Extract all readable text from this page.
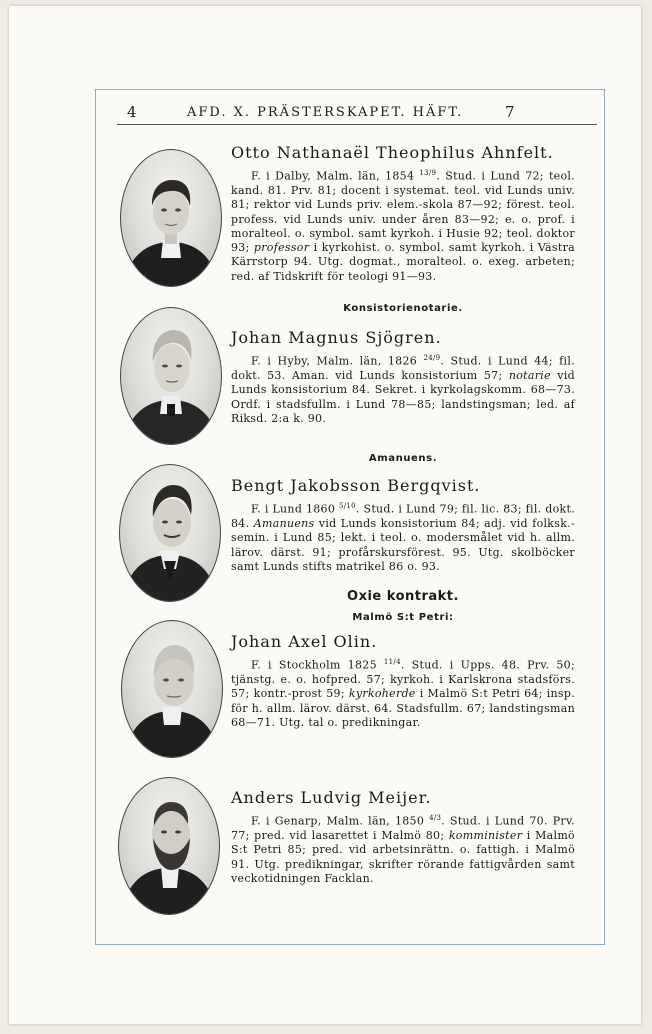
4	AFD. X. PRÄSTERSKAPET. HÄFT.	7
Otto Nathanaël Theophilus Ahnfelt.
F. i Dalby, Malm. län, 1854 $^{13/9}$. Stud. i Lund 72; teol. kand. 81. Prv. 81; docent i systemat. teol. vid Lunds univ. 81; rektor vid Lunds priv. elem.-skola 87—92; förest. teol. profess. vid Lunds univ. under åren 83—92; e. o. prof. i moralteol. o. symbol. samt kyrkoh. i Husie 92; teol. doktor 93; professor i kyrkohist. o. symbol. samt kyrkoh. i Västra Kärrstorp 94. Utg. dogmat., moralteol. o. exeg. arbeten; red. af Tidskrift för teologi 91—93.
Konsistorienotarie.
Johan Magnus Sjögren.
F. i Hyby, Malm. län, 1826 $^{24/9}$. Stud. i Lund 44; fil. dokt. 53. Aman. vid Lunds konsistorium 57; notarie vid Lunds konsistorium 84. Sekret. i kyrkolagskomm. 68—73. Ordf. i stadsfullm. i Lund 78—85; landstingsman; led. af Riksd. 2:a k. 90.
Amanuens.
Bengt Jakobsson Bergqvist.
F. i Lund 1860 $^{5/10}$. Stud. i Lund 79; fil. lic. 83; fil. dokt. 84. Amanuens vid Lunds konsistorium 84; adj. vid folksk.-semin. i Lund 85; lekt. i teol. o. modersmålet vid h. allm. lärov. därst. 91; profårskursförest. 95. Utg. skolböcker samt Lunds stifts matrikel 86 o. 93.
Oxie kontrakt.
Malmö S:t Petri:
Johan Axel Olin.
F. i Stockholm 1825 $^{11/4}$. Stud. i Upps. 48. Prv. 50; tjänstg. e. o. hofpred. 57; kyrkoh. i Karlskrona stadsförs. 57; kontr.-prost 59; kyrkoherde i Malmö S:t Petri 64; insp. för h. allm. lärov. därst. 64. Stadsfullm. 67; landstingsman 68—71. Utg. tal o. predikningar.
Anders Ludvig Meijer.
F. i Genarp, Malm. län, 1850 $^{4/3}$. Stud. i Lund 70. Prv. 77; pred. vid lasarettet i Malmö 80; komminister i Malmö S:t Petri 85; pred. vid arbetsinrättn. o. fattigh. i Malmö 91. Utg. predikningar, skrifter rörande fattigvården samt veckotidningen Facklan.
